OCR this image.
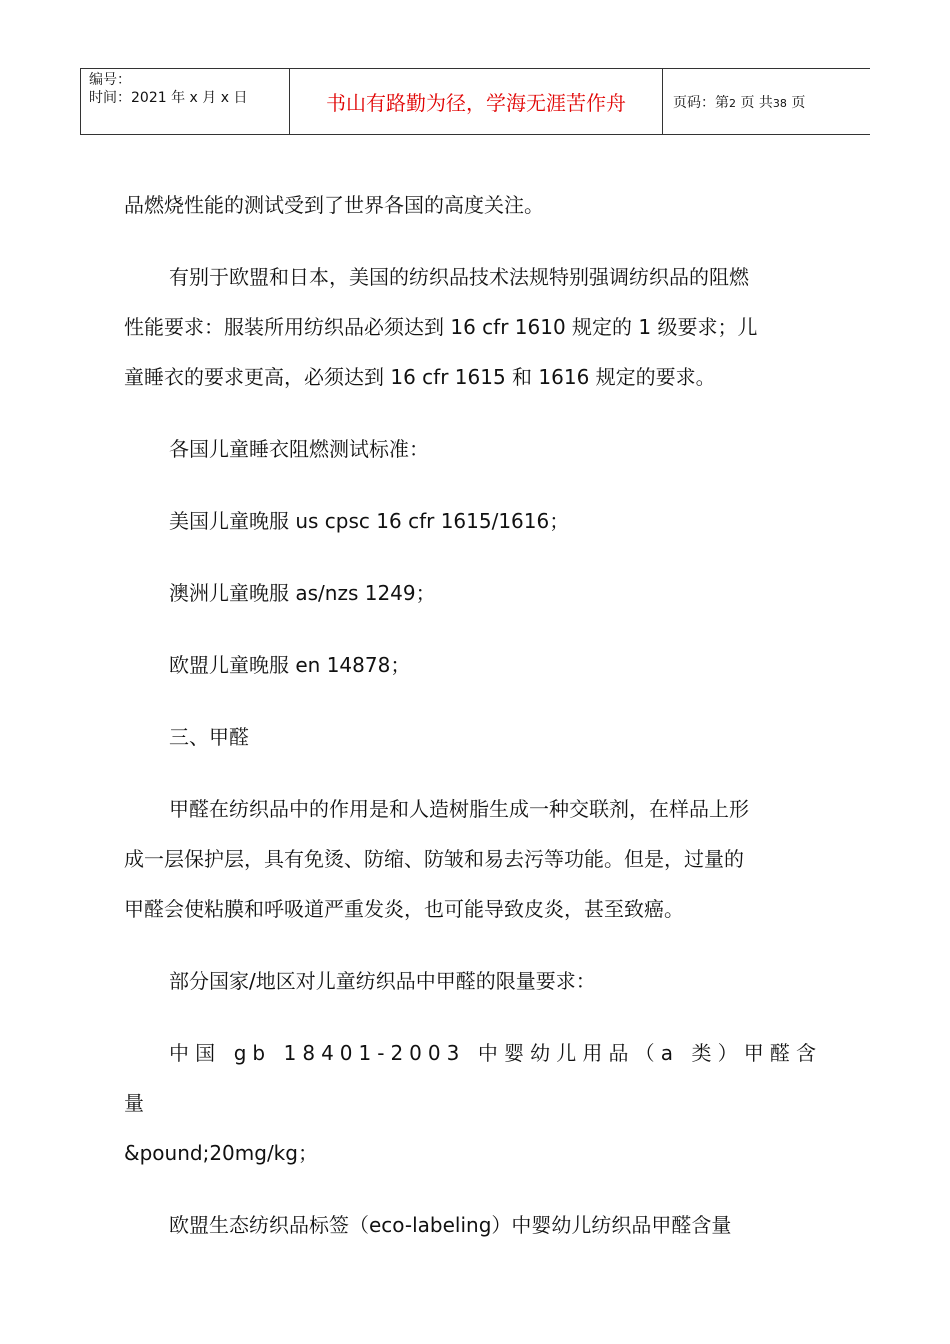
编号：
时间：2021 年 x 月 x 日	书山有路勤为径，学海无涯苦作舟	页码：第2 页 共38 页

品燃烧性能的测试受到了世界各国的高度关注。

有别于欧盟和日本，美国的纺织品技术法规特别强调纺织品的阻燃

性能要求：服装所用纺织品必须达到 16 cfr 1610 规定的 1 级要求；儿

童睡衣的要求更高，必须达到 16 cfr 1615 和 1616 规定的要求。

各国儿童睡衣阻燃测试标准：

美国儿童晚服 us cpsc 16 cfr 1615/1616；

澳洲儿童晚服 as/nzs 1249；

欧盟儿童晚服 en 14878；

三、甲醛

甲醛在纺织品中的作用是和人造树脂生成一种交联剂，在样品上形

成一层保护层，具有免烫、防缩、防皱和易去污等功能。但是，过量的

甲醛会使粘膜和呼吸道严重发炎，也可能导致皮炎，甚至致癌。

部分国家/地区对儿童纺织品中甲醛的限量要求：

中国 gb 18401-2003 中婴幼儿用品（a 类）甲醛含量

&pound;20mg/kg；

欧盟生态纺织品标签（eco-labeling）中婴幼儿纺织品甲醛含量
